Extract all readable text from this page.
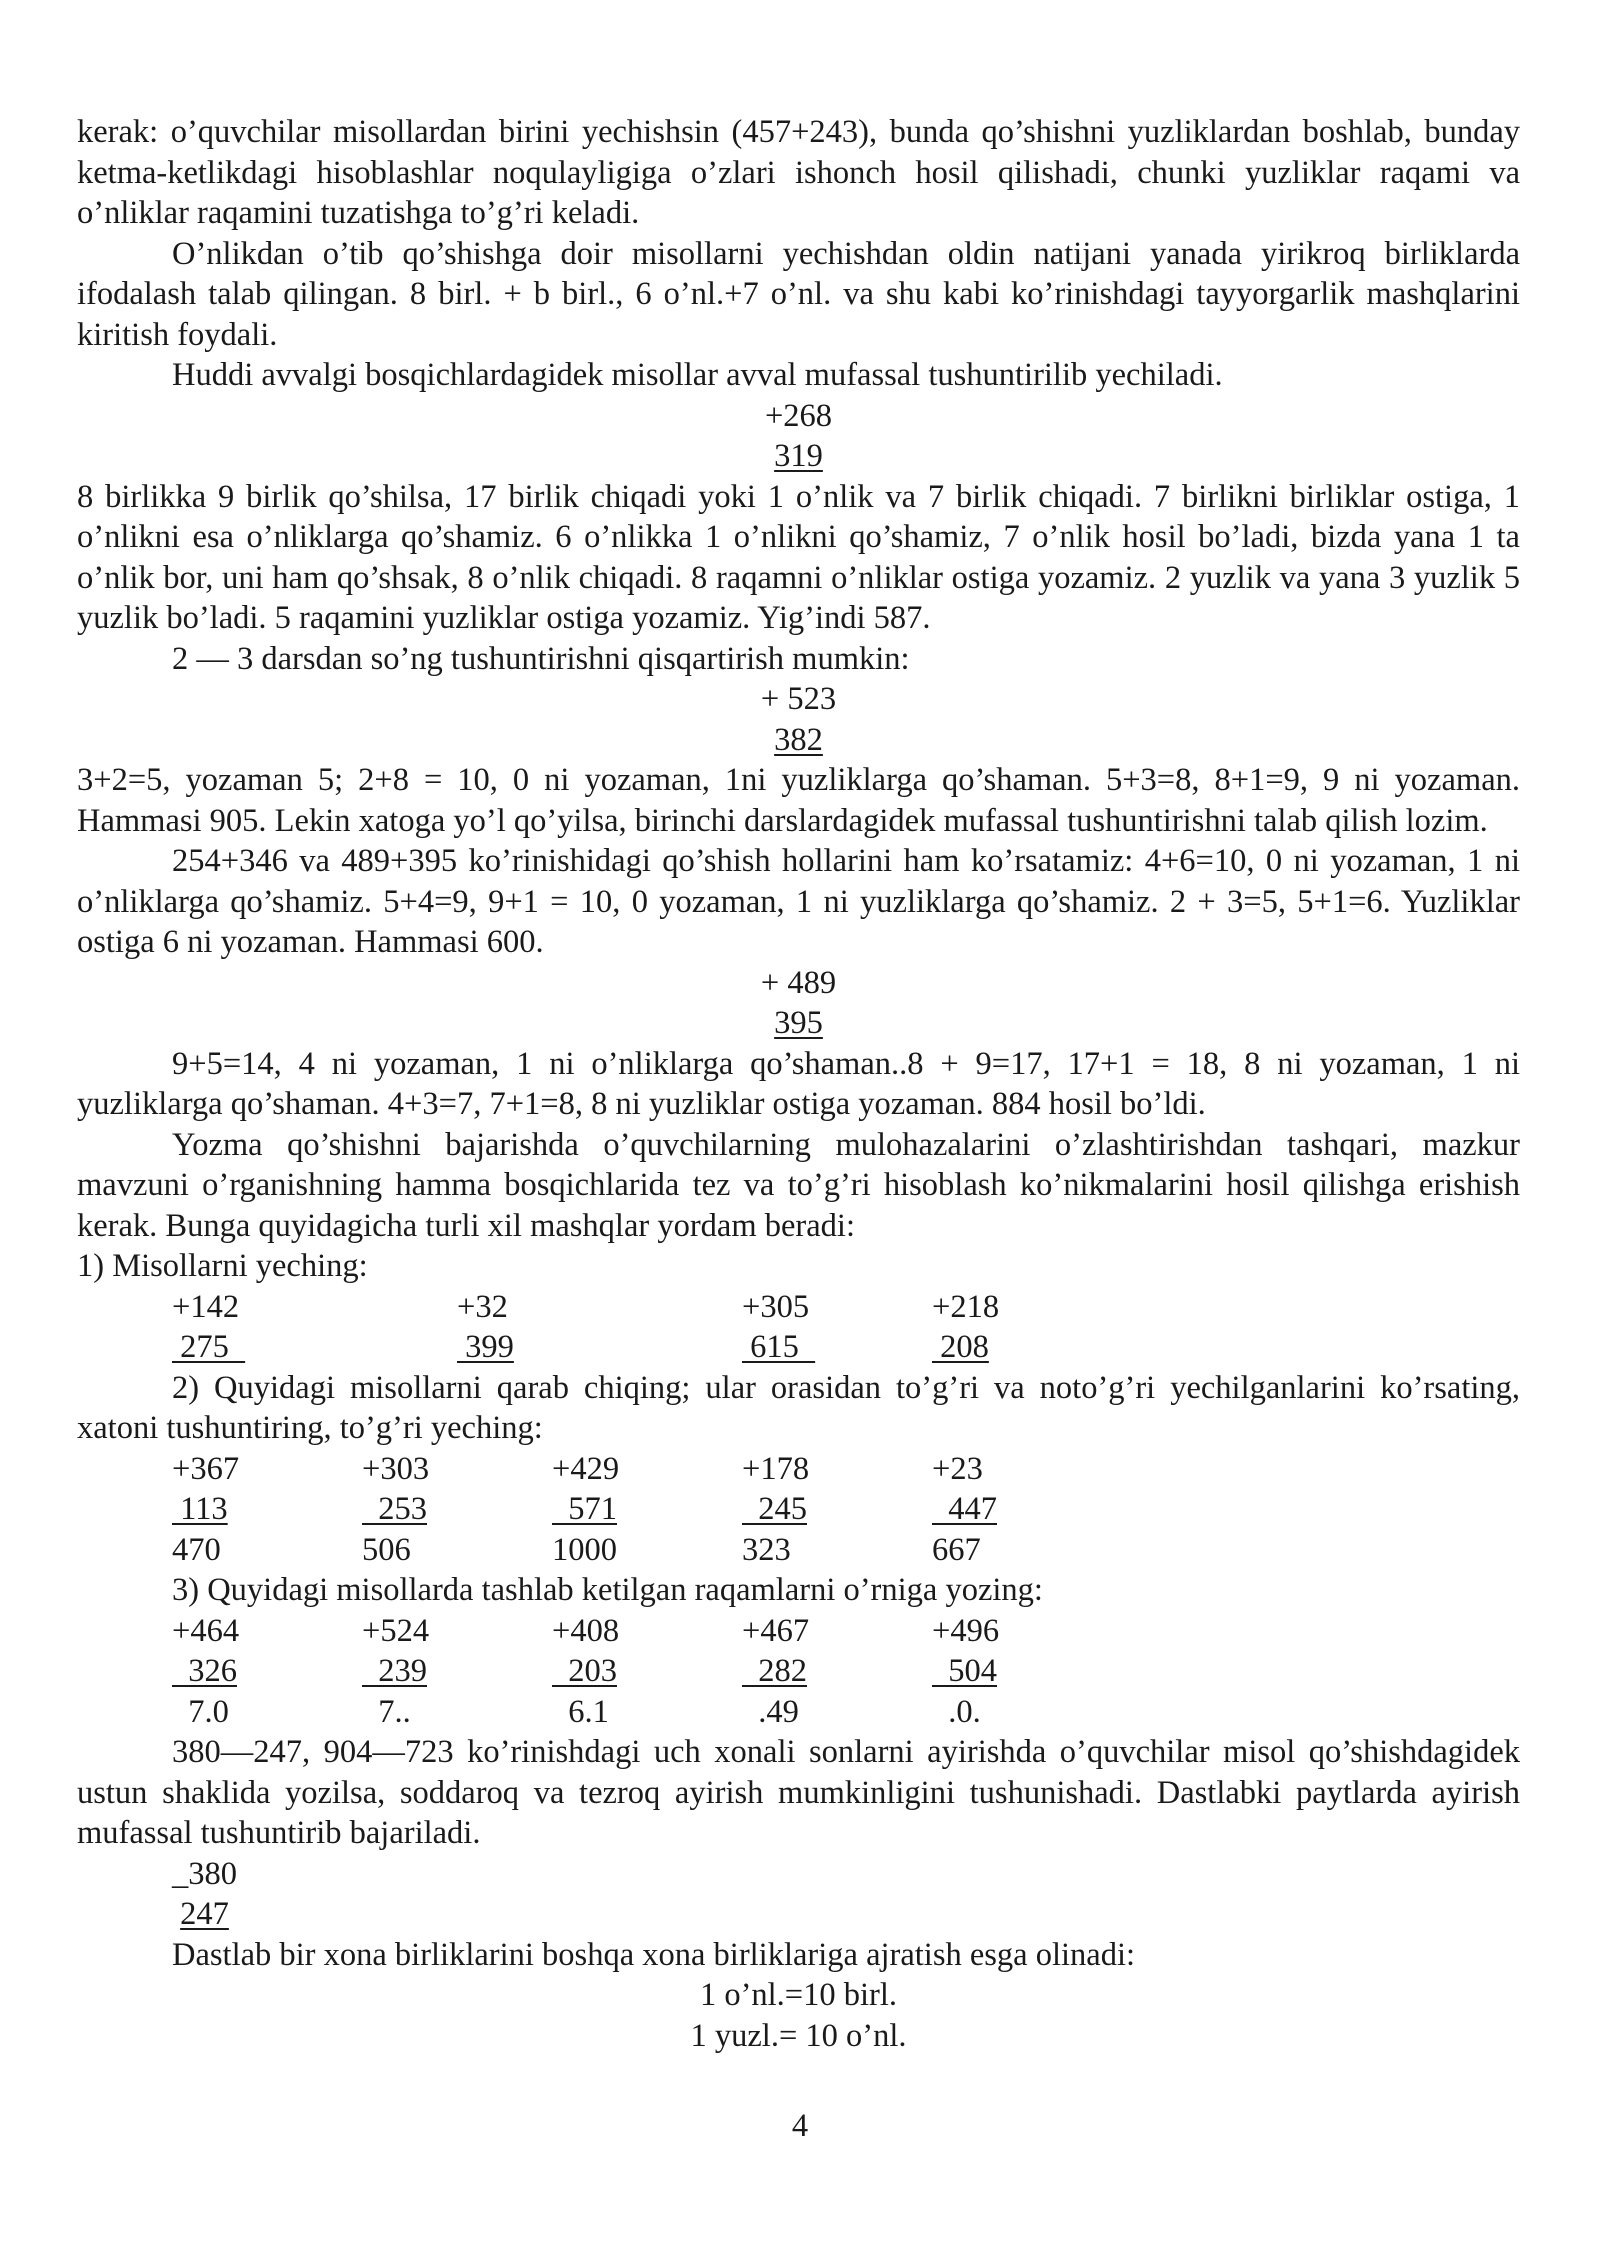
kerak: o’quvchilar misollardan birini yechishsin (457+243), bunda qo’shishni yuzliklardan boshlab, bunday ketma-ketlikdagi hisoblashlar noqulayligiga o’zlari ishonch hosil qilishadi, chunki yuzliklar raqami va o’nliklar raqamini tuzatishga to’g’ri keladi.

O’nlikdan o’tib qo’shishga doir misollarni yechishdan oldin natijani yanada yirikroq birliklarda ifodalash talab qilingan. 8 birl. + b birl., 6 o’nl.+7 o’nl. va shu kabi ko’rinishdagi tayyorgarlik mashqlarini kiritish foydali.

Huddi avvalgi bosqichlardagidek misollar avval mufassal tushuntirilib yechiladi.

+268
319

8 birlikka 9 birlik qo’shilsa, 17 birlik chiqadi yoki 1 o’nlik va 7 birlik chiqadi. 7 birlikni birliklar ostiga, 1 o’nlikni esa o’nliklarga qo’shamiz. 6 o’nlikka 1 o’nlikni qo’shamiz, 7 o’nlik hosil bo’ladi, bizda yana 1 ta o’nlik bor, uni ham qo’shsak, 8 o’nlik chiqadi. 8 raqamni o’nliklar ostiga yozamiz. 2 yuzlik va yana 3 yuzlik 5 yuzlik bo’ladi. 5 raqamini yuzliklar ostiga yozamiz. Yig’indi 587.

2 — 3 darsdan so’ng tushuntirishni qisqartirish mumkin:

+ 523
382

3+2=5, yozaman 5; 2+8 = 10, 0 ni yozaman, 1ni yuzliklarga qo’shaman. 5+3=8, 8+1=9, 9 ni yozaman. Hammasi 905. Lekin xatoga yo’l qo’yilsa, birinchi darslardagidek mufassal tushuntirishni talab qilish lozim.

254+346 va 489+395 ko’rinishidagi qo’shish hollarini ham ko’rsatamiz: 4+6=10, 0 ni yozaman, 1 ni o’nliklarga qo’shamiz. 5+4=9, 9+1 = 10, 0 yozaman, 1 ni yuzliklarga qo’shamiz. 2 + 3=5, 5+1=6. Yuzliklar ostiga 6 ni yozaman. Hammasi 600.

+ 489
395

9+5=14, 4 ni yozaman, 1 ni o’nliklarga qo’shaman..8 + 9=17, 17+1 = 18, 8 ni yozaman, 1 ni yuzliklarga qo’shaman. 4+3=7, 7+1=8, 8 ni yuzliklar ostiga yozaman. 884 hosil bo’ldi.

Yozma qo’shishni bajarishda o’quvchilarning mulohazalarini o’zlashtirishdan tashqari, mazkur mavzuni o’rganishning hamma bosqichlarida tez va to’g’ri hisoblash ko’nikmalarini hosil qilishga erishish kerak. Bunga quyidagicha turli xil mashqlar yordam beradi:

1) Misollarni yeching:

+142	+32	+305	+218
275	399	615	208

2) Quyidagi misollarni qarab chiqing; ular orasidan to’g’ri va noto’g’ri yechilganlarini ko’rsating, xatoni tushuntiring, to’g’ri yeching:

+367	+303	+429	+178	+23
113	253	571	245	447
470	506	1000	323	667

3) Quyidagi misollarda tashlab ketilgan raqamlarni o’rniga yozing:

+464	+524	+408	+467	+496
326	239	203	282	504
7.0	7..	6.1	.49	.0.

380—247, 904—723 ko’rinishdagi uch xonali sonlarni ayirishda o’quvchilar misol qo’shishdagidek ustun shaklida yozilsa, soddaroq va tezroq ayirish mumkinligini tushunishadi. Dastlabki paytlarda ayirish mufassal tushuntirib bajariladi.

_380
247

Dastlab bir xona birliklarini boshqa xona birliklariga ajratish esga olinadi:

1 o’nl.=10 birl.
1 yuzl.= 10 o’nl.
4
